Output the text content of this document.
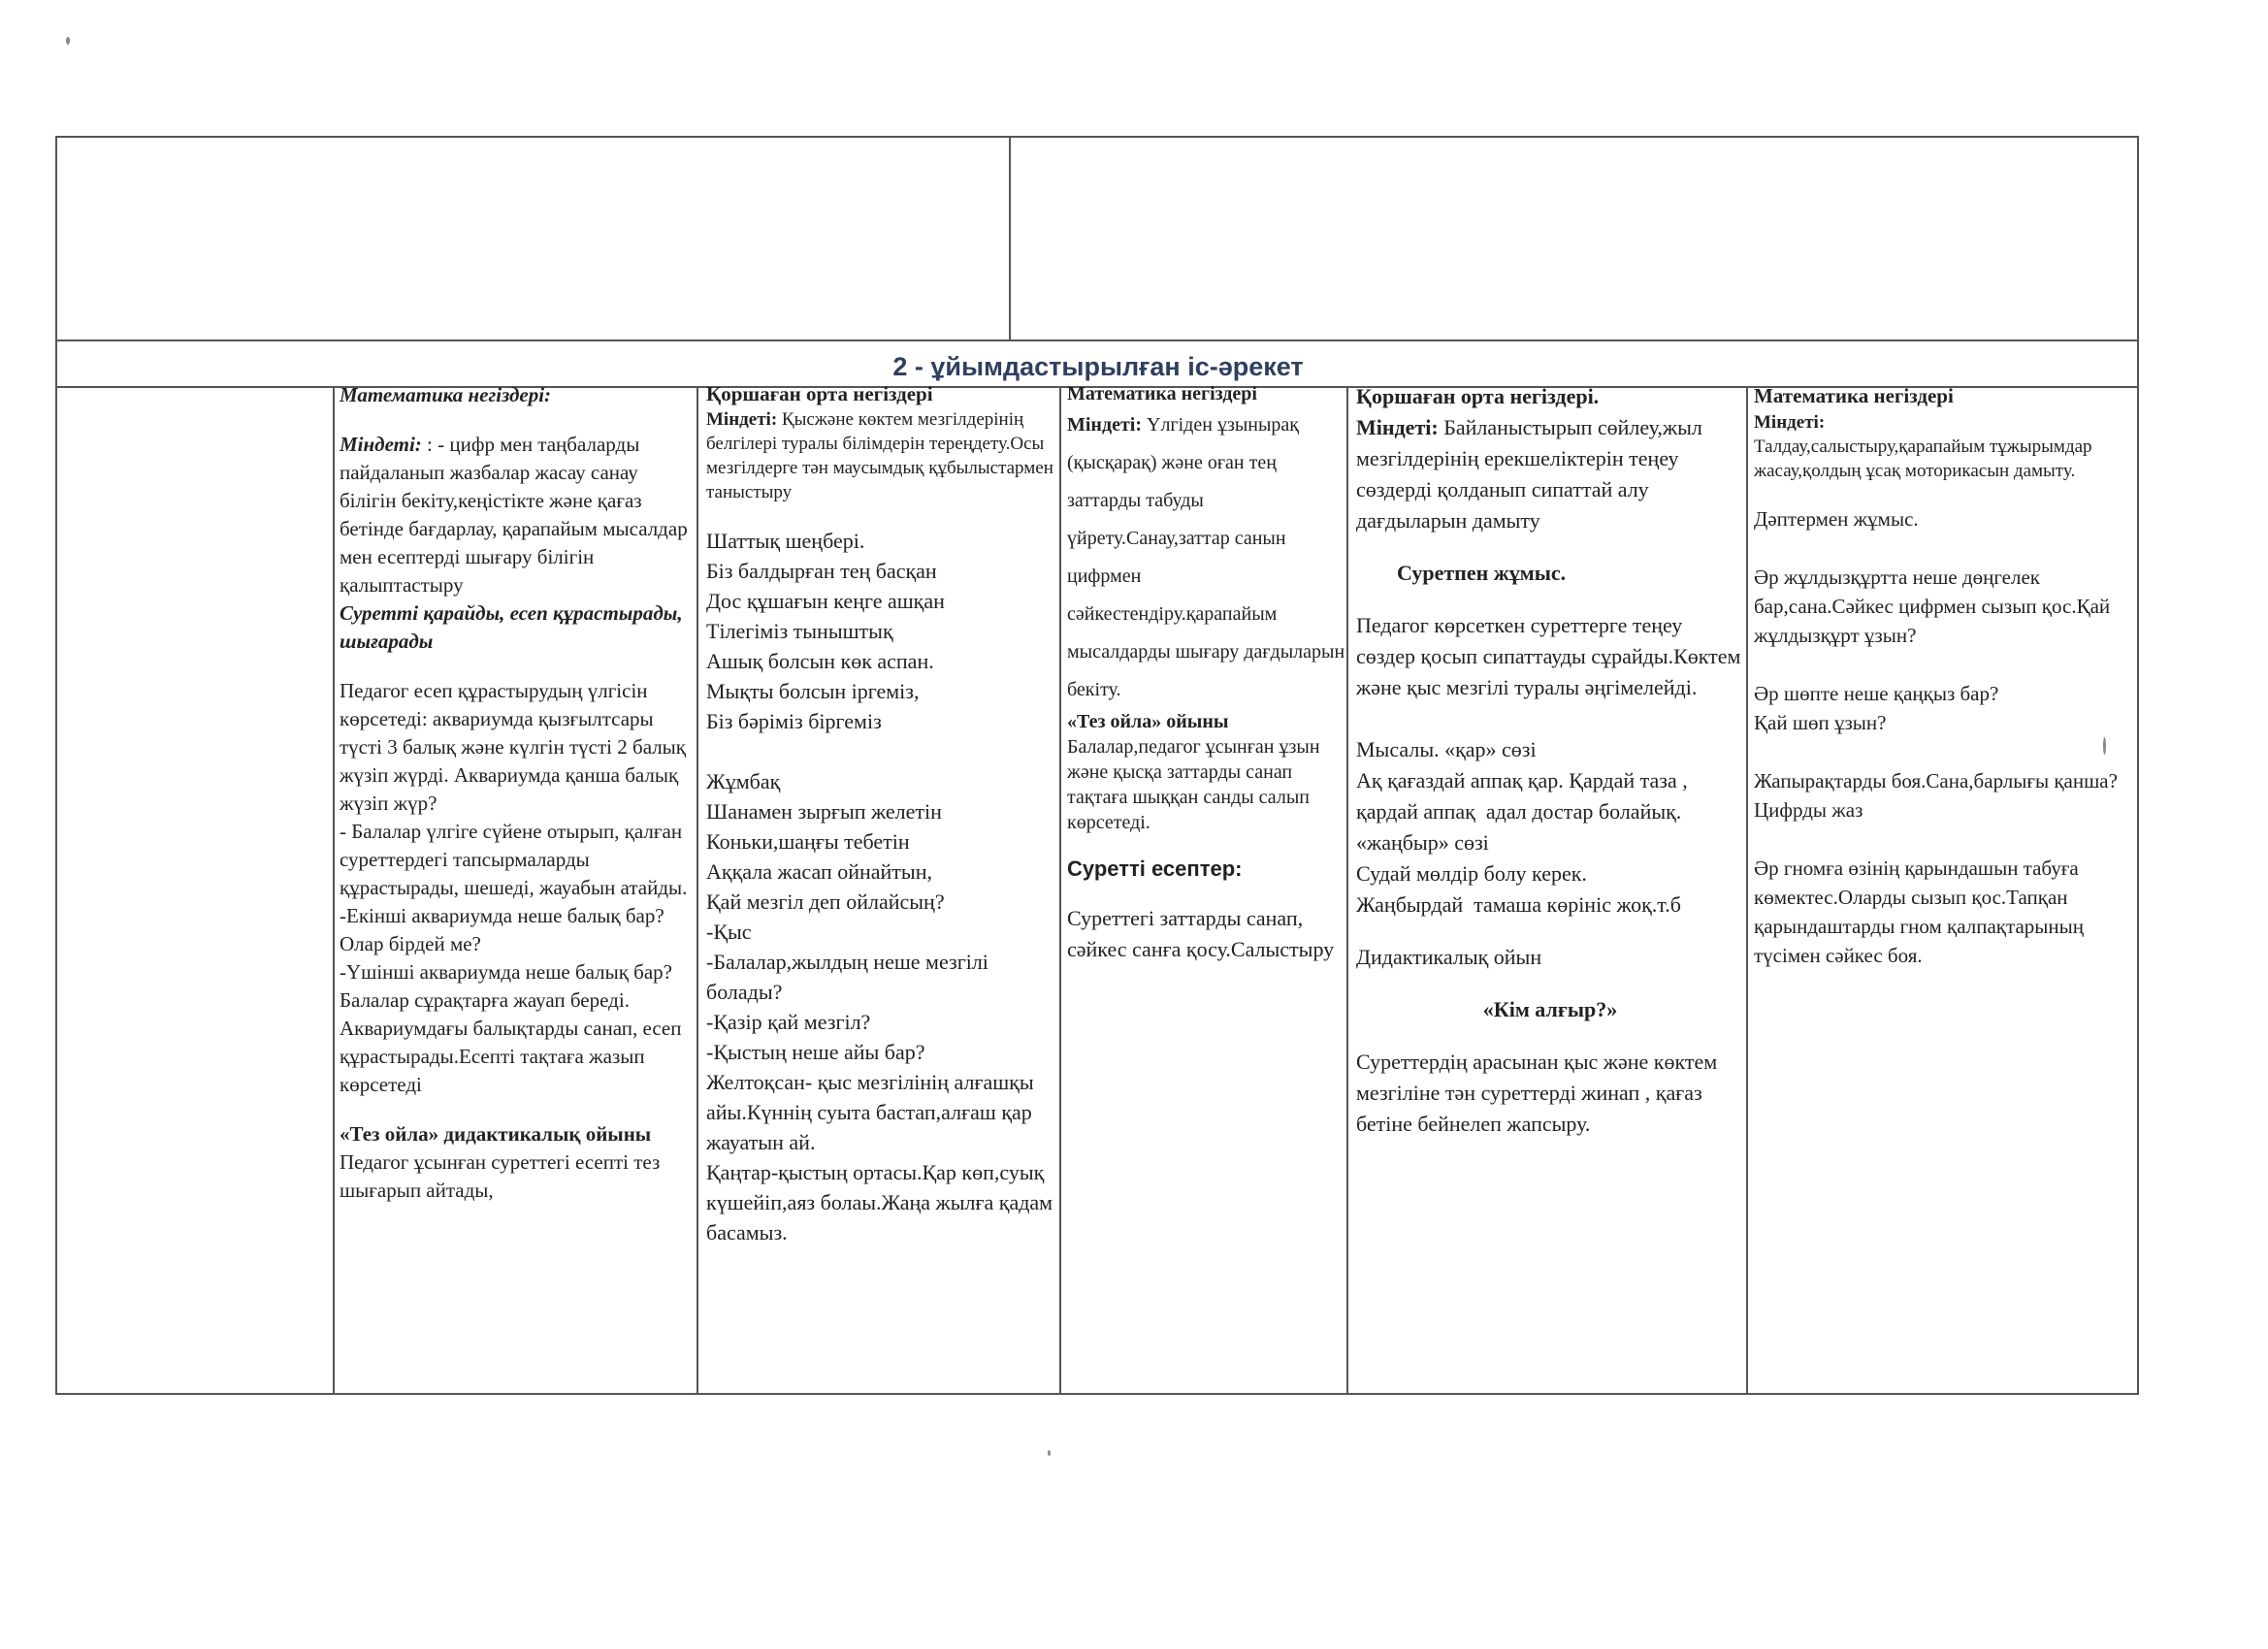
2 - ұйымдастырылған іс-әрекет

Математика негіздері:

Міндеті: : - цифр мен таңбаларды пайдаланып жазбалар жасау санау білігін бекіту,кеңістікте және қағаз бетінде бағдарлау, қарапайым мысалдар мен есептерді шығару білігін қалыптастыру

Суретті қарайды, есеп құрастырады, шығарады

Педагог есеп құрастырудың үлгісін көрсетеді: аквариумда қызғылтсары түсті 3 балық және күлгін түсті 2 балық жүзіп жүрді. Аквариумда қанша балық жүзіп жүр?
- Балалар үлгіге сүйене отырып, қалған суреттердегі тапсырмаларды құрастырады, шешеді, жауабын атайды.
-Екінші аквариумда неше балық бар? Олар бірдей ме?
-Үшінші аквариумда неше балық бар? Балалар сұрақтарға жауап береді.
Аквариумдағы балықтарды санап, есеп құрастырады.Есепті тақтаға жазып көрсетеді

«Тез ойла» дидактикалық ойыны

Педагог ұсынған суреттегі есепті тез шығарып айтады,

Қоршаған орта негіздері

Міндеті: Қысжәне көктем мезгілдерінің белгілері туралы білімдерін тереңдету.Осы мезгілдерге тән маусымдық құбылыстармен таныстыру

Шаттық шеңбері.
Біз балдырған тең басқан
Дос құшағын кеңге ашқан
Тілегіміз тыныштық
Ашық болсын көк аспан.
Мықты болсын іргеміз,
Біз бәріміз біргеміз

Жұмбақ
Шанамен зырғып желетін
Коньки,шаңғы тебетін
Аққала жасап ойнайтын,
Қай мезгіл деп ойлайсың?
-Қыс
-Балалар,жылдың неше мезгілі болады?
-Қазір қай мезгіл?
-Қыстың неше айы бар?
Желтоқсан- қыс мезгілінің алғашқы айы.Күннің суыта бастап,алғаш қар жауатын ай.
Қаңтар-қыстың ортасы.Қар көп,суық күшейіп,аяз болаы.Жаңа жылға қадам басамыз.

Математика негіздері

Міндеті: Үлгіден ұзынырақ (қысқарақ) және оған тең заттарды табуды үйрету.Санау,заттар санын цифрмен сәйкестендіру.қарапайым мысалдарды шығару дағдыларын бекіту.

«Тез ойла» ойыны

Балалар,педагог ұсынған ұзын және қысқа заттарды санап тақтаға шыққан санды салып көрсетеді.

Суретті есептер:

Суреттегі заттарды санап, сәйкес санға қосу.Салыстыру

Қоршаған орта негіздері.

Міндеті: Байланыстырып сөйлеу,жыл мезгілдерінің ерекшеліктерін теңеу сөздерді қолданып сипаттай алу дағдыларын дамыту

Суретпен жұмыс.

Педагог көрсеткен суреттерге теңеу сөздер қосып сипаттауды сұрайды.Көктем және қыс мезгілі туралы әңгімелейді.

Мысалы. «қар» сөзі
Ақ қағаздай аппақ қар. Қардай таза , қардай аппақ  адал достар болайық.
«жаңбыр» сөзі
Судай мөлдір болу керек.
Жаңбырдай  тамаша көрініс жоқ.т.б

Дидактикалық ойын

«Кім алғыр?»

Суреттердің арасынан қыс және көктем мезгіліне тән суреттерді жинап , қағаз бетіне бейнелеп жапсыру.

Математика негіздері

Міндеті:
Талдау,салыстыру,қарапайым тұжырымдар жасау,қолдың ұсақ моторикасын дамыту.

Дәптермен жұмыс.

Әр жұлдызқұртта неше дөңгелек бар,сана.Сәйкес цифрмен сызып қос.Қай жұлдызқұрт ұзын?

Әр шөпте неше қаңқыз бар?
Қай шөп ұзын?

Жапырақтарды боя.Сана,барлығы қанша?
Цифрды жаз

Әр гномға өзінің қарындашын табуға көмектес.Оларды сызып қос.Тапқан қарындаштарды гном қалпақтарының түсімен сәйкес боя.
